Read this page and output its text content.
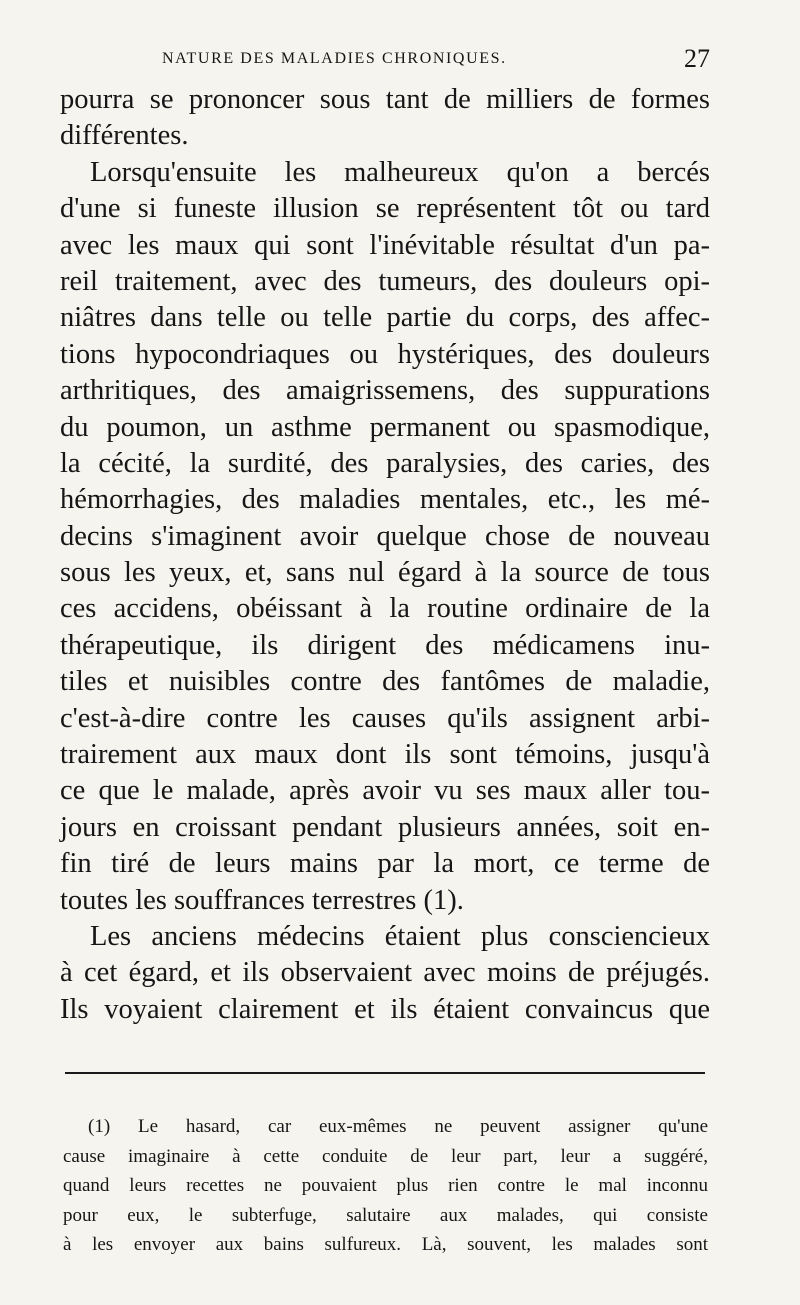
NATURE DES MALADIES CHRONIQUES.	27
pourra se prononcer sous tant de milliers de formes
différentes.
Lorsqu'ensuite les malheureux qu'on a bercés
d'une si funeste illusion se représentent tôt ou tard
avec les maux qui sont l'inévitable résultat d'un pa-
reil traitement, avec des tumeurs, des douleurs opi-
niâtres dans telle ou telle partie du corps, des affec-
tions hypocondriaques ou hystériques, des douleurs
arthritiques, des amaigrissemens, des suppurations
du poumon, un asthme permanent ou spasmodique,
la cécité, la surdité, des paralysies, des caries, des
hémorrhagies, des maladies mentales, etc., les mé-
decins s'imaginent avoir quelque chose de nouveau
sous les yeux, et, sans nul égard à la source de tous
ces accidens, obéissant à la routine ordinaire de la
thérapeutique, ils dirigent des médicamens inu-
tiles et nuisibles contre des fantômes de maladie,
c'est-à-dire contre les causes qu'ils assignent arbi-
trairement aux maux dont ils sont témoins, jusqu'à
ce que le malade, après avoir vu ses maux aller tou-
jours en croissant pendant plusieurs années, soit en-
fin tiré de leurs mains par la mort, ce terme de
toutes les souffrances terrestres (1).
Les anciens médecins étaient plus consciencieux
à cet égard, et ils observaient avec moins de préjugés.
Ils voyaient clairement et ils étaient convaincus que
(1) Le hasard, car eux-mêmes ne peuvent assigner qu'une
cause imaginaire à cette conduite de leur part, leur a suggéré,
quand leurs recettes ne pouvaient plus rien contre le mal inconnu
pour eux, le subterfuge, salutaire aux malades, qui consiste
à les envoyer aux bains sulfureux. Là, souvent, les malades sont
